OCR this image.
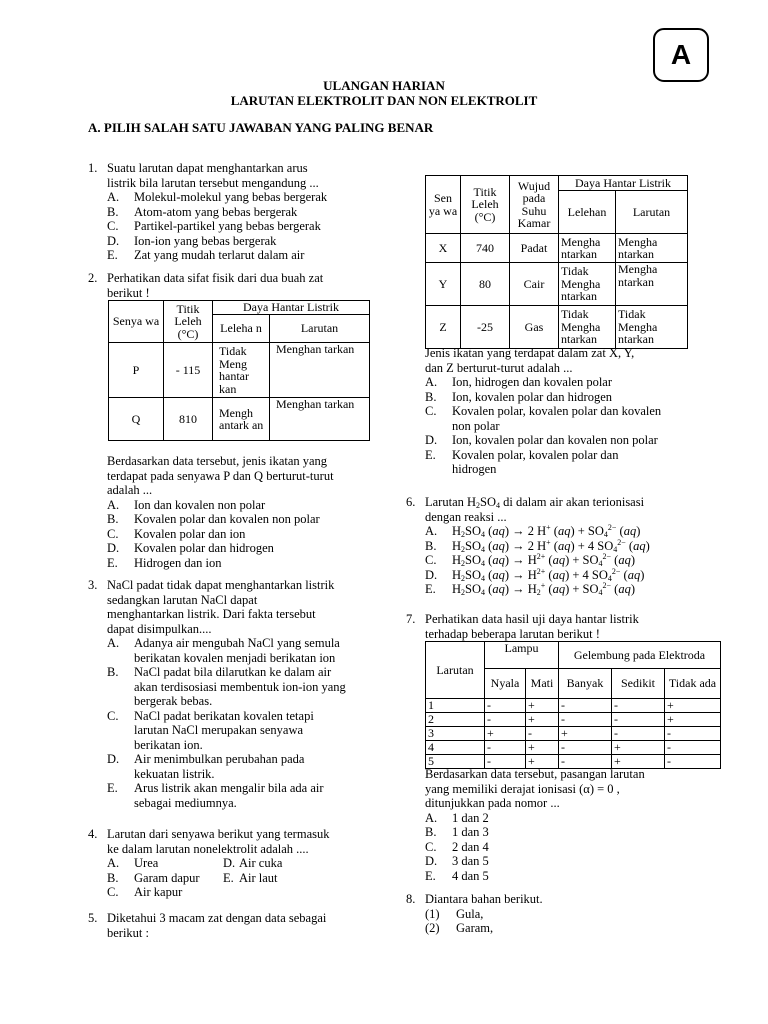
A
ULANGAN HARIAN
LARUTAN ELEKTROLIT DAN NON ELEKTROLIT
A. PILIH SALAH SATU JAWABAN YANG PALING BENAR
1. Suatu larutan dapat menghantarkan arus
listrik bila larutan tersebut mengandung ...
A. Molekul-molekul yang bebas bergerak
B. Atom-atom yang bebas bergerak
C. Partikel-partikel yang bebas bergerak
D. Ion-ion yang bebas bergerak
E. Zat yang mudah terlarut dalam air
2. Perhatikan data sifat fisik dari dua buah zat
berikut !
Senya wa	Titik Leleh (°C)	Daya Hantar Listrik	
		Leleha n	Larutan
P	- 115	Tidak Meng hantar kan	Menghan tarkan
Q	810	Mengh antark an	Menghan tarkan
Berdasarkan data tersebut, jenis ikatan yang
terdapat pada senyawa P dan Q berturut-turut
adalah ...
A. Ion dan kovalen non polar
B. Kovalen polar dan kovalen non polar
C. Kovalen polar dan ion
D. Kovalen polar dan hidrogen
E. Hidrogen dan ion
3. NaCl padat tidak dapat menghantarkan listrik
sedangkan larutan NaCl dapat
menghantarkan listrik. Dari fakta tersebut
dapat disimpulkan....
A. Adanya air mengubah NaCl yang semula berikatan kovalen menjadi berikatan ion
B. NaCl padat bila dilarutkan ke dalam air akan terdisosiasi membentuk ion-ion yang bergerak bebas.
C. NaCl padat berikatan kovalen tetapi larutan NaCl merupakan senyawa berikatan ion.
D. Air menimbulkan perubahan pada kekuatan listrik.
E. Arus listrik akan mengalir bila ada air sebagai mediumnya.
4. Larutan dari senyawa berikut yang termasuk
ke dalam larutan nonelektrolit adalah ....
A. Urea	D. Air cuka
B. Garam dapur	E. Air laut
C. Air kapur
5. Diketahui 3 macam zat dengan data sebagai
berikut :
Sen ya wa	Titik Leleh (°C)	Wujud pada Suhu Kamar	Daya Hantar Listrik	
			Lelehan	Larutan
X	740	Padat	Mengha ntarkan	Mengha ntarkan
Y	80	Cair	Tidak Mengha ntarkan	Mengha ntarkan
Z	-25	Gas	Tidak Mengha ntarkan	Tidak Mengha ntarkan
Jenis ikatan yang terdapat dalam zat X, Y,
dan Z berturut-turut adalah ...
A. Ion, hidrogen dan kovalen polar
B. Ion, kovalen polar dan hidrogen
C. Kovalen polar, kovalen polar dan kovalen non polar
D. Ion, kovalen polar dan kovalen non polar
E. Kovalen polar, kovalen polar dan hidrogen
6. Larutan $H_2SO_4$ di dalam air akan terionisasi
dengan reaksi ...
A. $H_2SO_4$ (aq) → 2 H+ $(aq) + SO_4^{2-}$ (aq)
B. $H_2SO_4$ (aq) → 2 H+ (aq) + 4 $SO_4^{2-}$ (aq)
C. $H_2SO_4$ $(aq) \to H^{2+}$ $(aq) + SO_4^{2-}$ (aq)
D. $H_2SO_4$ $(aq) \to H^{2+}$ (aq) + 4 $SO_4^{2-}$ (aq)
E. $H_2SO_4$ $(aq) \to H_2^+$ $(aq) + SO_4^{2-}$ (aq)
7. Perhatikan data hasil uji daya hantar listrik
terhadap beberapa larutan berikut !
Larutan	Lampu		Gelembung pada Elektroda		
	Nyala	Mati	Banyak	Sedikit	Tidak ada
1	-	+	-	-	+
2	-	+	-	-	+
3	+	-	+	-	-
4	-	+	-	+	-
5	-	+	-	+	-
Berdasarkan data tersebut, pasangan larutan
yang memiliki derajat ionisasi (α) = 0 ,
ditunjukkan pada nomor ...
A. 1 dan 2
B. 1 dan 3
C. 2 dan 4
D. 3 dan 5
E. 4 dan 5
8. Diantara bahan berikut.
(1) Gula,
(2) Garam,
